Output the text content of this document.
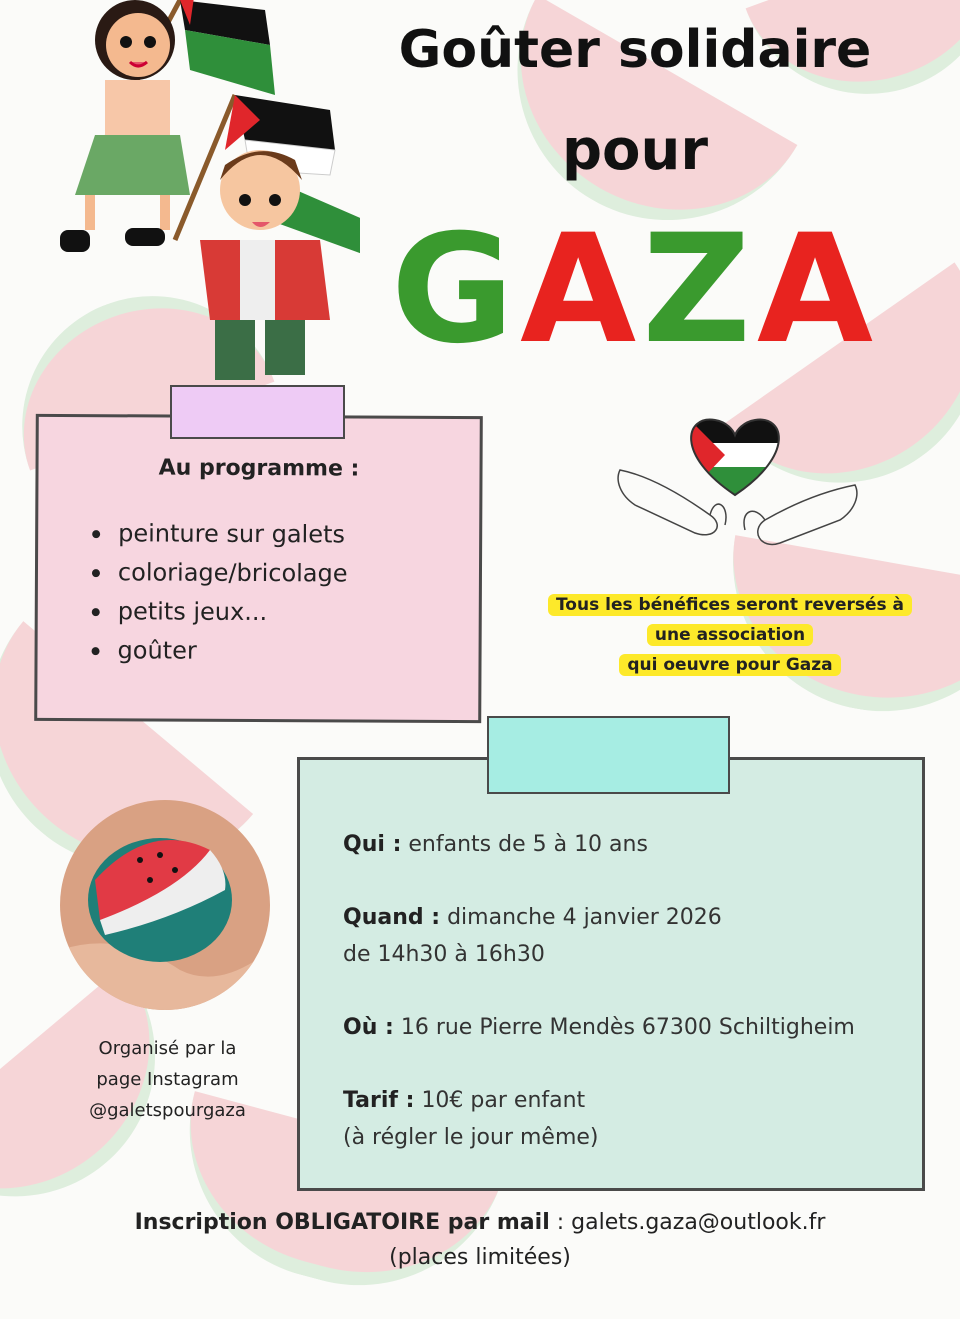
Goûter solidaire
pour
GAZA
Au programme :
peinture sur galets
coloriage/bricolage
petits jeux...
goûter
Tous les bénéfices seront reversés à
une association
qui oeuvre pour Gaza

Qui : enfants de 5 à 10 ans

Quand : dimanche 4 janvier 2026

de 14h30 à 16h30

Où : 16 rue Pierre Mendès 67300 Schiltigheim

Tarif : 10€ par enfant

(à régler le jour même)

Organisé par la
page Instagram
@galetspourgaza
Inscription OBLIGATOIRE par mail : galets.gaza@outlook.fr
(places limitées)
